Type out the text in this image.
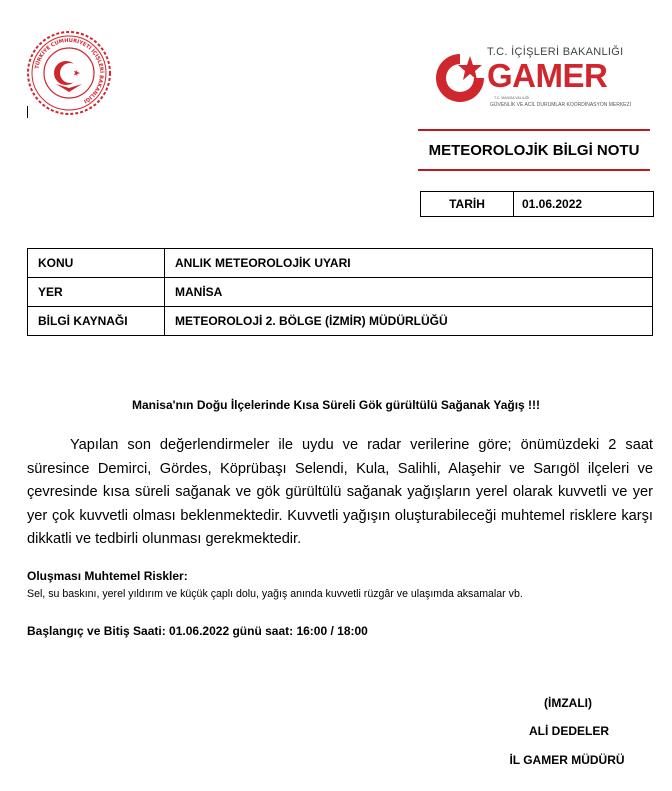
TÜRKİYE CUMHURİYETİ İÇİŞLERİ BAKANLIĞI
T.C. İÇİŞLERİ BAKANLIĞI
GAMER
T.C. MANİSA VALİLİĞİ
GÜVENLİK VE ACİL DURUMLAR KOORDİNASYON MERKEZİ
METEOROLOJİK BİLGİ NOTU
TARİH	01.06.2022
KONU	ANLIK METEOROLOJİK UYARI
YER	MANİSA
BİLGİ KAYNAĞI	METEOROLOJİ 2. BÖLGE (İZMİR) MÜDÜRLÜĞÜ
Manisa'nın Doğu İlçelerinde Kısa Süreli Gök gürültülü Sağanak Yağış !!!

Yapılan son değerlendirmeler ile uydu ve radar verilerine göre; önümüzdeki 2 saat süresince Demirci, Gördes, Köprübaşı Selendi, Kula, Salihli, Alaşehir ve Sarıgöl ilçeleri ve çevresinde kısa süreli sağanak ve gök gürültülü sağanak yağışların yerel olarak kuvvetli ve yer yer çok kuvvetli olması beklenmektedir. Kuvvetli yağışın oluşturabileceği muhtemel risklere karşı dikkatli ve tedbirli olunması gerekmektedir.

Oluşması Muhtemel Riskler:
Sel, su baskını, yerel yıldırım ve küçük çaplı dolu, yağış anında kuvvetli rüzgâr ve ulaşımda aksamalar vb.
Başlangıç ve Bitiş Saati: 01.06.2022 günü saat: 16:00 / 18:00
(İMZALI)
ALİ DEDELER
İL GAMER MÜDÜRÜ
